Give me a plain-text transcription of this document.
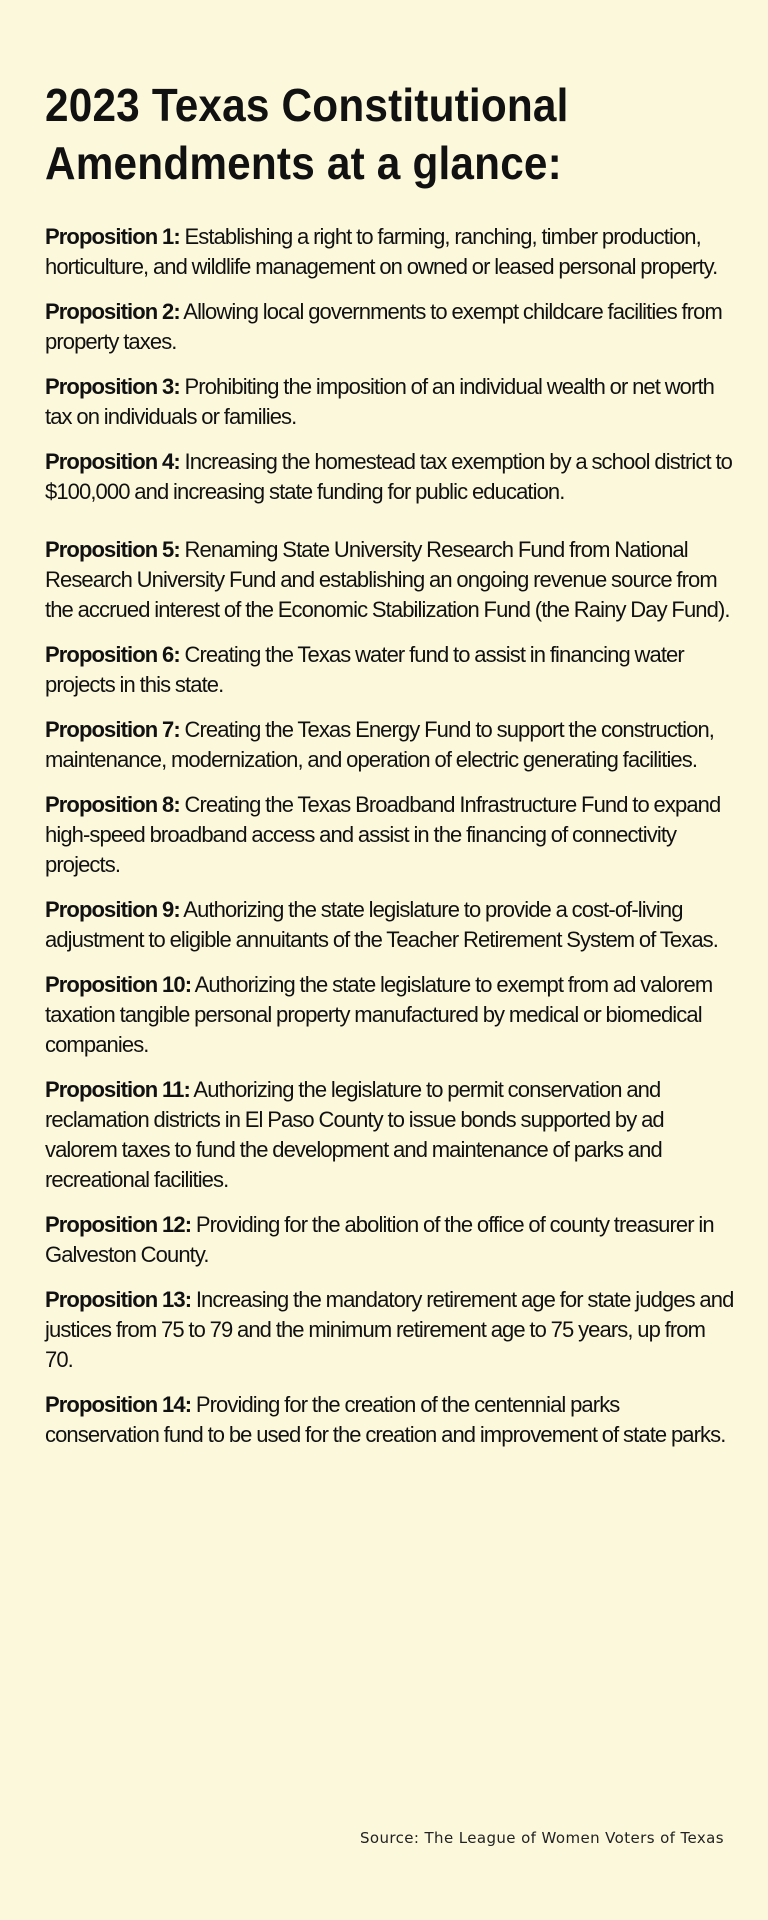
2023 Texas Constitutional
Amendments at a glance:

Proposition 1: Establishing a right to farming, ranching, timber production, horticulture, and wildlife management on owned or leased personal property.

Proposition 2: Allowing local governments to exempt childcare facilities from property taxes.

Proposition 3: Prohibiting the imposition of an individual wealth or net worth tax on individuals or families.

Proposition 4: Increasing the homestead tax exemption by a school district to $100,000 and increasing state funding for public education.

Proposition 5: Renaming State University Research Fund from National Research University Fund and establishing an ongoing revenue source from the accrued interest of the Economic Stabilization Fund (the Rainy Day Fund).

Proposition 6: Creating the Texas water fund to assist in financing water projects in this state.

Proposition 7: Creating the Texas Energy Fund to support the construction, maintenance, modernization, and operation of electric generating facilities.

Proposition 8: Creating the Texas Broadband Infrastructure Fund to expand high-speed broadband access and assist in the financing of connectivity projects.

Proposition 9: Authorizing the state legislature to provide a cost-of-living adjustment to eligible annuitants of the Teacher Retirement System of Texas.

Proposition 10: Authorizing the state legislature to exempt from ad valorem taxation tangible personal property manufactured by medical or biomedical companies.

Proposition 11: Authorizing the legislature to permit conservation and reclamation districts in El Paso County to issue bonds supported by ad valorem taxes to fund the development and maintenance of parks and recreational facilities.

Proposition 12: Providing for the abolition of the office of county treasurer in Galveston County.

Proposition 13: Increasing the mandatory retirement age for state judges and justices from 75 to 79 and the minimum retirement age to 75 years, up from 70.

Proposition 14: Providing for the creation of the centennial parks conservation fund to be used for the creation and improvement of state parks.

Source: The League of Women Voters of Texas
